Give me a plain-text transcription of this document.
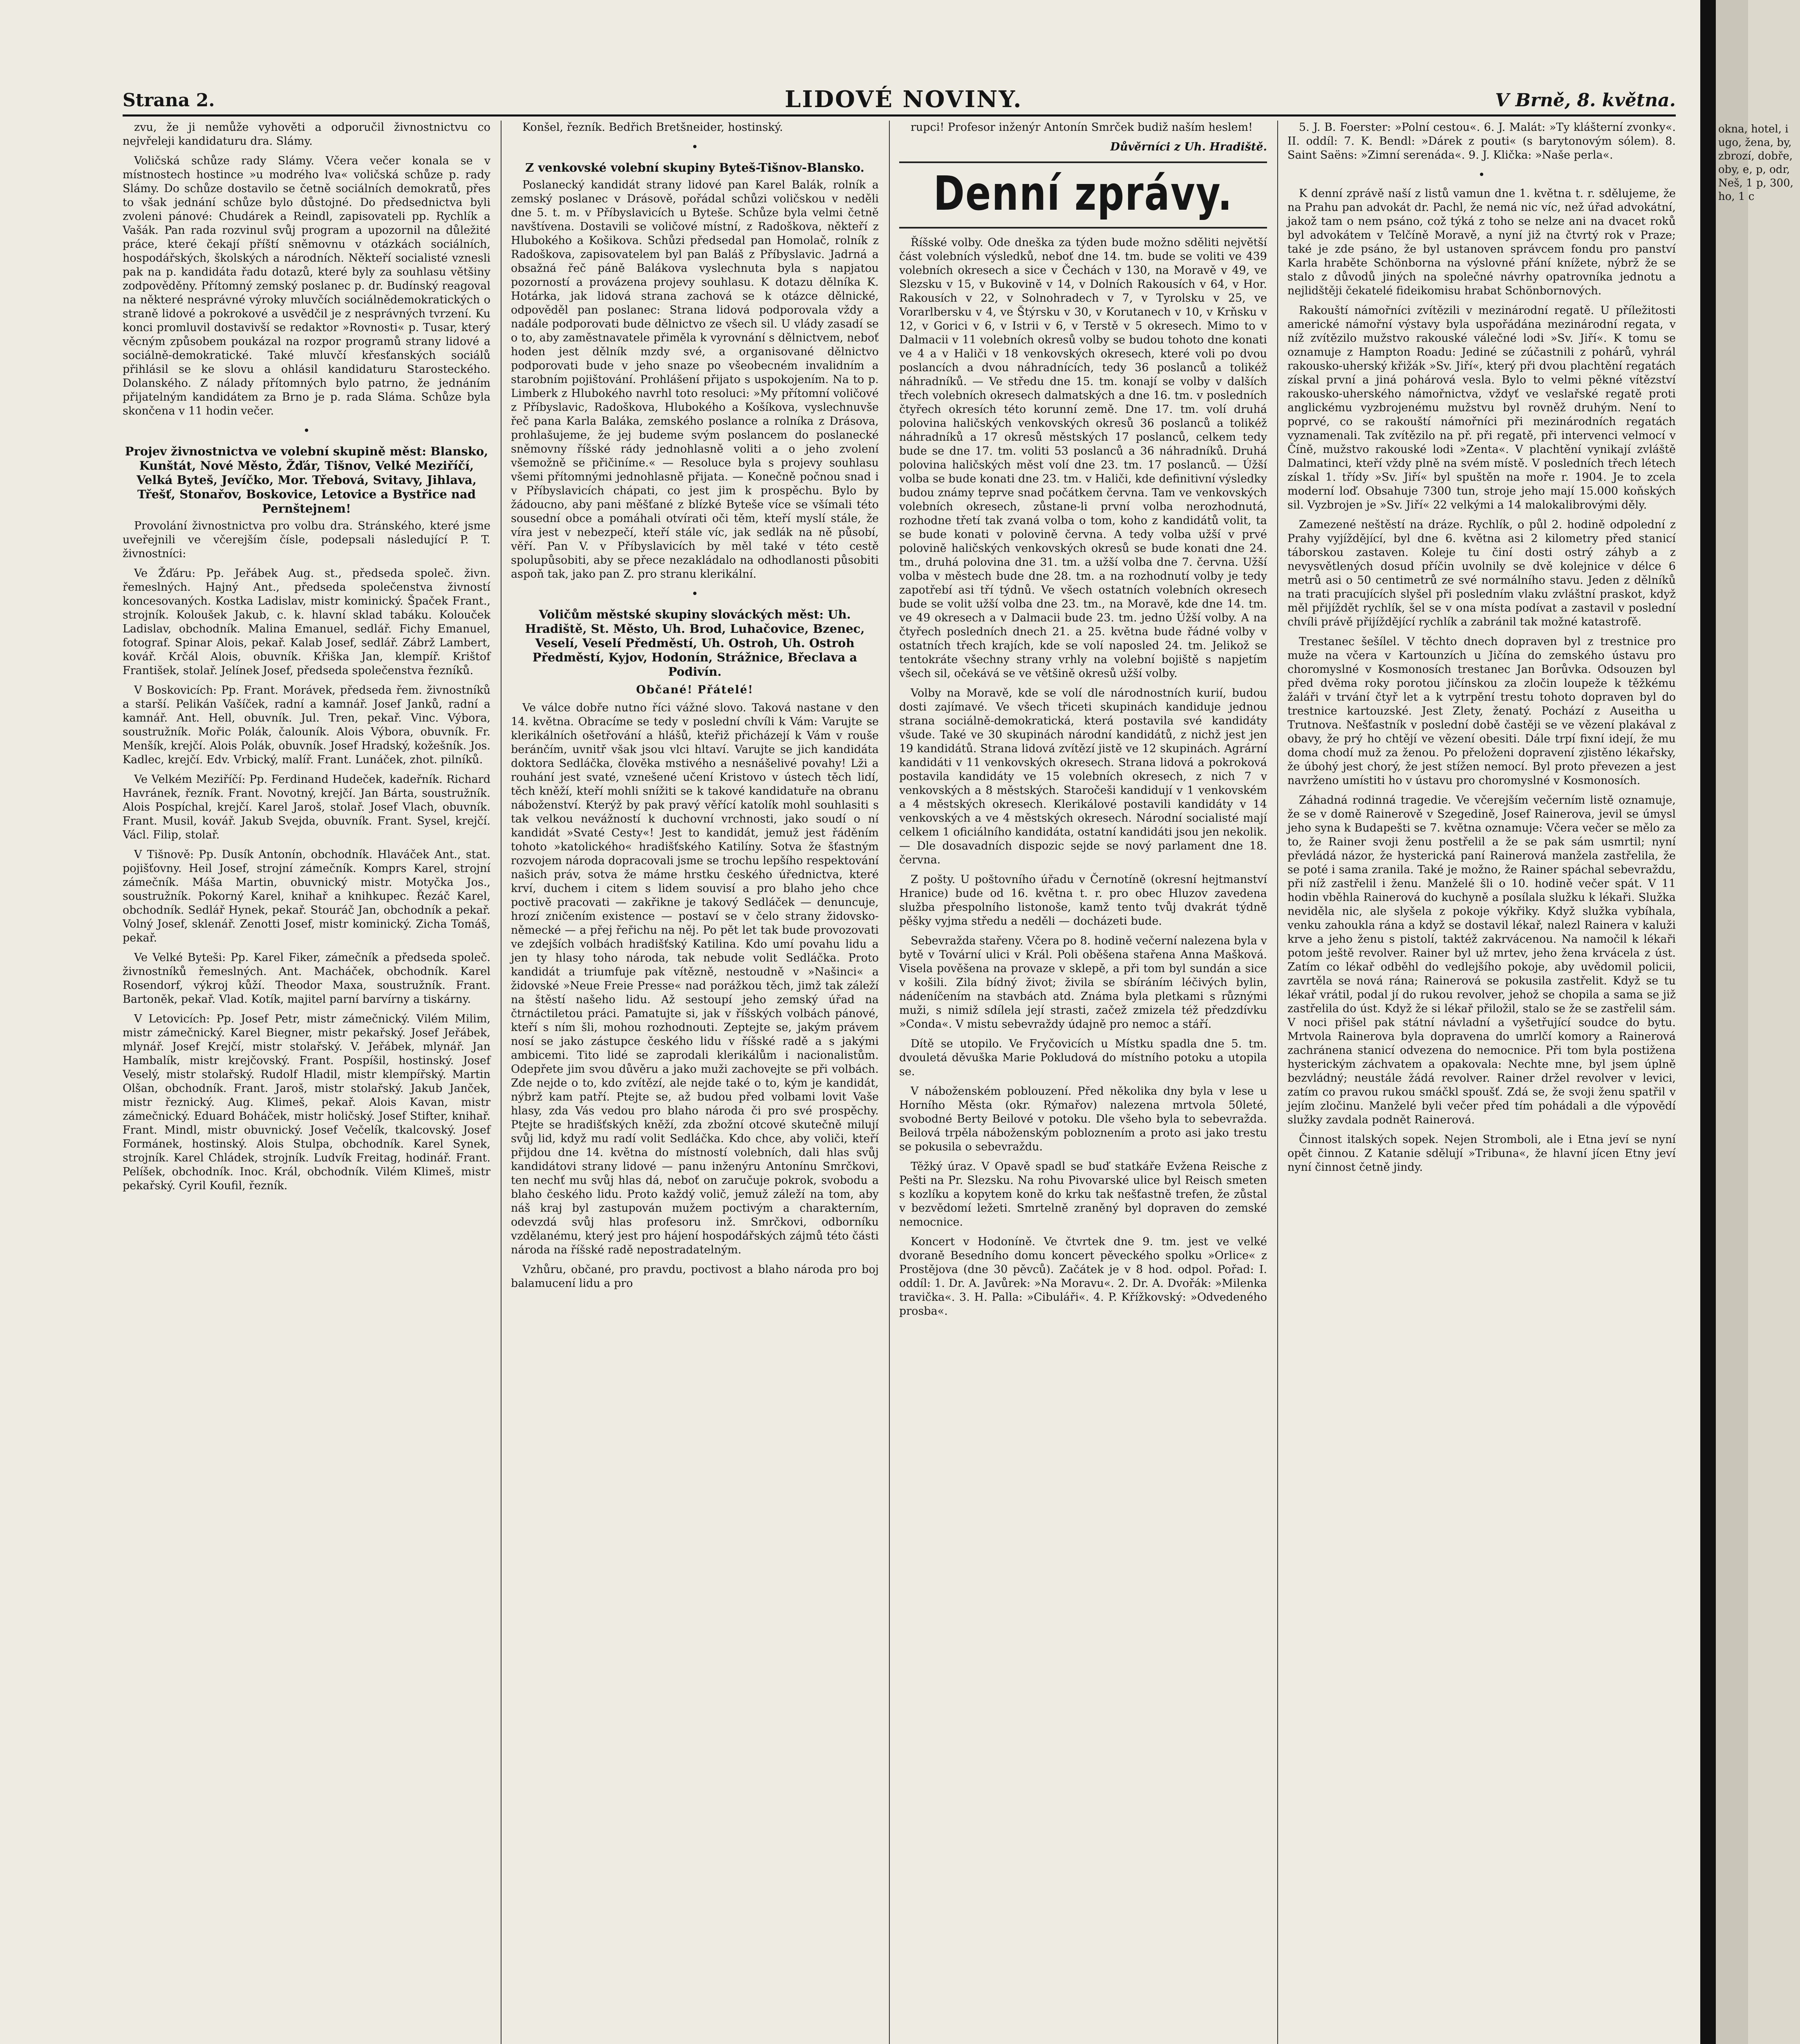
Strana 2.	LIDOVÉ NOVINY.	V Brně, 8. května.

zvu, že ji nemůže vyhověti a odporučil živnostnictvu co nejvřeleji kandidaturu dra. Slámy.

Voličská schůze rady Slámy. Včera večer konala se v místnostech hostince »u modrého lva« voličská schůze p. rady Slámy. Do schůze dostavilo se četně sociálních demokratů, přes to však jednání schůze bylo důstojné. Do předsednictva byli zvoleni pánové: Chudárek a Reindl, zapisovateli pp. Rychlík a Vašák. Pan rada rozvinul svůj program a upozornil na důležité práce, které čekají příští sněmovnu v otázkách sociálních, hospodářských, školských a národních. Někteří socialisté vznesli pak na p. kandidáta řadu dotazů, které byly za souhlasu většiny zodpověděny. Přítomný zemský poslanec p. dr. Budínský reagoval na některé nesprávné výroky mluvčích sociálnědemokratických o straně lidové a pokrokové a usvědčil je z nesprávných tvrzení. Ku konci promluvil dostavivší se redaktor »Rovnosti« p. Tusar, který věcným způsobem poukázal na rozpor programů strany lidové a sociálně-demokratické. Také mluvčí křesťanských sociálů přihlásil se ke slovu a ohlásil kandidaturu Starosteckého. Dolanského. Z nálady přítomných bylo patrno, že jednáním přijatelným kandidátem za Brno je p. rada Sláma. Schůze byla skončena v 11 hodin večer.

•
Projev živnostnictva ve volební skupině měst: Blansko, Kunštát, Nové Město, Žďár, Tišnov, Velké Meziříčí, Velká Byteš, Jevíčko, Mor. Třebová, Svitavy, Jihlava, Třešť, Stonařov, Boskovice, Letovice a Bystřice nad Pernštejnem!

Provolání živnostnictva pro volbu dra. Stránského, které jsme uveřejnili ve včerejším čísle, podepsali následující P. T. živnostníci:

Ve Žďáru: Pp. Jeřábek Aug. st., předseda společ. živn. řemeslných. Hajný Ant., předseda společenstva živností koncesovaných. Kostka Ladislav, mistr kominický. Špaček Frant., strojník. Koloušek Jakub, c. k. hlavní sklad tabáku. Kolouček Ladislav, obchodník. Malina Emanuel, sedlář. Fichy Emanuel, fotograf. Spinar Alois, pekař. Kalab Josef, sedlář. Zábrž Lambert, kovář. Krčál Alois, obuvník. Křiška Jan, klempíř. Krištof František, stolař. Jelínek Josef, předseda společenstva řezníků.

V Boskovicích: Pp. Frant. Morávek, předseda řem. živnostníků a starší. Pelikán Vašíček, radní a kamnář. Josef Janků, radní a kamnář. Ant. Hell, obuvník. Jul. Tren, pekař. Vinc. Výbora, soustružník. Mořic Polák, čalouník. Alois Výbora, obuvník. Fr. Menšík, krejčí. Alois Polák, obuvník. Josef Hradský, kožešník. Jos. Kadlec, krejčí. Edv. Vrbický, malíř. Frant. Lunáček, zhot. pilníků.

Ve Velkém Meziříčí: Pp. Ferdinand Hudeček, kadeřník. Richard Havránek, řezník. Frant. Novotný, krejčí. Jan Bárta, soustružník. Alois Pospíchal, krejčí. Karel Jaroš, stolař. Josef Vlach, obuvník. Frant. Musil, kovář. Jakub Svejda, obuvník. Frant. Sysel, krejčí. Václ. Filip, stolař.

V Tišnově: Pp. Dusík Antonín, obchodník. Hlaváček Ant., stat. pojišťovny. Heil Josef, strojní zámečník. Komprs Karel, strojní zámečník. Máša Martin, obuvnický mistr. Motyčka Jos., soustružník. Pokorný Karel, knihař a knihkupec. Řezáč Karel, obchodník. Sedlář Hynek, pekař. Stouráč Jan, obchodník a pekař. Volný Josef, sklenář. Zenotti Josef, mistr kominický. Zicha Tomáš, pekař.

Ve Velké Byteši: Pp. Karel Fiker, zámečník a předseda společ. živnostníků řemeslných. Ant. Macháček, obchodník. Karel Rosendorf, výkroj kůží. Theodor Maxa, soustružník. Frant. Bartoněk, pekař. Vlad. Kotík, majitel parní barvírny a tiskárny.

V Letovicích: Pp. Josef Petr, mistr zámečnický. Vilém Milim, mistr zámečnický. Karel Biegner, mistr pekařský. Josef Jeřábek, mlynář. Josef Krejčí, mistr stolařský. V. Jeřábek, mlynář. Jan Hambalík, mistr krejčovský. Frant. Pospíšil, hostinský. Josef Veselý, mistr stolařský. Rudolf Hladil, mistr klempířský. Martin Olšan, obchodník. Frant. Jaroš, mistr stolařský. Jakub Janček, mistr řeznický. Aug. Klimeš, pekař. Alois Kavan, mistr zámečnický. Eduard Boháček, mistr holičský. Josef Stifter, knihař. Frant. Mindl, mistr obuvnický. Josef Večelík, tkalcovský. Josef Formánek, hostinský. Alois Stulpa, obchodník. Karel Synek, strojník. Karel Chládek, strojník. Ludvík Freitag, hodinář. Frant. Pelíšek, obchodník. Inoc. Král, obchodník. Vilém Klimeš, mistr pekařský. Cyril Koufil, řezník.

Konšel, řezník. Bedřich Bretšneider, hostinský.

•
Z venkovské volební skupiny Byteš-Tišnov-Blansko.

Poslanecký kandidát strany lidové pan Karel Balák, rolník a zemský poslanec v Drásově, pořádal schůzi voličskou v neděli dne 5. t. m. v Příbyslavicích u Byteše. Schůze byla velmi četně navštívena. Dostavili se voličové místní, z Radoškova, někteří z Hlubokého a Košikova. Schůzi předsedal pan Homolač, rolník z Radoškova, zapisovatelem byl pan Baláš z Příbyslavic. Jadrná a obsažná řeč páně Balákova vyslechnuta byla s napjatou pozorností a provázena projevy souhlasu. K dotazu dělníka K. Hotárka, jak lidová strana zachová se k otázce dělnické, odpověděl pan poslanec: Strana lidová podporovala vždy a nadále podporovati bude dělnictvo ze všech sil. U vlády zasadí se o to, aby zaměstnavatele přiměla k vyrovnání s dělnictvem, neboť hoden jest dělník mzdy své, a organisované dělnictvo podporovati bude v jeho snaze po všeobecném invalidním a starobním pojištování. Prohlášení přijato s uspokojením. Na to p. Limberk z Hlubokého navrhl toto resoluci: »My přítomní voličové z Příbyslavic, Radoškova, Hlubokého a Košíkova, vyslechnuvše řeč pana Karla Baláka, zemského poslance a rolníka z Drásova, prohlašujeme, že jej budeme svým poslancem do poslanecké sněmovny říšské rády jednohlasně voliti a o jeho zvolení všemožně se přičiníme.« — Resoluce byla s projevy souhlasu všemi přítomnými jednohlasně přijata. — Konečně počnou snad i v Příbyslavicích chápati, co jest jim k prospěchu. Bylo by žádoucno, aby pani měšťané z blízké Byteše více se všímali této sousední obce a pomáhali otvírati oči těm, kteří myslí stále, že víra jest v nebezpečí, kteří stále víc, jak sedlák na ně působí, věří. Pan V. v Příbyslavicích by měl také v této cestě spolupůsobiti, aby se přece nezakládalo na odhodlanosti působiti aspoň tak, jako pan Z. pro stranu klerikální.

•
Voličům městské skupiny slováckých měst: Uh. Hradiště, St. Město, Uh. Brod, Luhačovice, Bzenec, Veselí, Veselí Předměstí, Uh. Ostroh, Uh. Ostroh Předměstí, Kyjov, Hodonín, Strážnice, Břeclava a Podivín.
Občané! Přátelé!

Ve válce dobře nutno říci vážné slovo. Taková nastane v den 14. května. Obracíme se tedy v poslední chvíli k Vám: Varujte se klerikálních ošetřování a hlášů, kteřiž přicházejí k Vám v rouše beránčím, uvnitř však jsou vlci hltaví. Varujte se jich kandidáta doktora Sedláčka, člověka mstivého a nesnášelivé povahy! Lži a rouhání jest svaté, vznešené učení Kristovo v ústech těch lidí, těch kněží, kteří mohli snížiti se k takové kandidatuře na obranu náboženství. Kterýž by pak pravý věřící katolík mohl souhlasiti s tak velkou nevážností k duchovní vrchnosti, jako soudí o ní kandidát »Svaté Cesty«! Jest to kandidát, jemuž jest řáděním tohoto »katolického« hradišťského Katilíny. Sotva že šťastným rozvojem národa dopracovali jsme se trochu lepšího respektování našich práv, sotva že máme hrstku českého úřednictva, které krví, duchem i citem s lidem souvisí a pro blaho jeho chce poctivě pracovati — zakřikne je takový Sedláček — denuncuje, hrozí zničením existence — postaví se v čelo strany židovsko-německé — a přej řeřichu na něj. Po pět let tak bude provozovati ve zdejších volbách hradišťský Katilina. Kdo umí povahu lidu a jen ty hlasy toho národa, tak nebude volit Sedláčka. Proto kandidát a triumfuje pak vítězně, nestoudně v »Našinci« a židovské »Neue Freie Presse« nad porážkou těch, jimž tak záleží na štěstí našeho lidu. Až sestoupí jeho zemský úřad na čtrnáctiletou práci. Pamatujte si, jak v říšských volbách pánové, kteří s ním šli, mohou rozhodnouti. Zeptejte se, jakým právem nosí se jako zástupce českého lidu v říšské radě a s jakými ambicemi. Tito lidé se zaprodali klerikálům i nacionalistům. Odepřete jim svou důvěru a jako muži zachovejte se při volbách. Zde nejde o to, kdo zvítězí, ale nejde také o to, kým je kandidát, nýbrž kam patří. Ptejte se, až budou před volbami lovit Vaše hlasy, zda Vás vedou pro blaho národa či pro své prospěchy. Ptejte se hradišťských kněží, zda zbožní otcové skutečně milují svůj lid, když mu radí volit Sedláčka. Kdo chce, aby voliči, kteří přijdou dne 14. května do místností volebních, dali hlas svůj kandidátovi strany lidové — panu inženýru Antonínu Smrčkovi, ten nechť mu svůj hlas dá, neboť on zaručuje pokrok, svobodu a blaho českého lidu. Proto každý volič, jemuž záleží na tom, aby náš kraj byl zastupován mužem poctivým a charakterním, odevzdá svůj hlas profesoru inž. Smrčkovi, odborníku vzdělanému, který jest pro hájení hospodářských zájmů této části národa na říšské radě nepostradatelným.

Vzhůru, občané, pro pravdu, poctivost a blaho národa pro boj balamucení lidu a pro

rupci! Profesor inženýr Antonín Smrček budiž naším heslem!

Důvěrníci z Uh. Hradiště.
Denní zprávy.

Říšské volby. Ode dneška za týden bude možno sděliti největší část volebních výsledků, neboť dne 14. tm. bude se voliti ve 439 volebních okresech a sice v Čechách v 130, na Moravě v 49, ve Slezsku v 15, v Bukovině v 14, v Dolních Rakousích v 64, v Hor. Rakousích v 22, v Solnohradech v 7, v Tyrolsku v 25, ve Vorarlbersku v 4, ve Štýrsku v 30, v Korutanech v 10, v Krňsku v 12, v Gorici v 6, v Istrii v 6, v Terstě v 5 okresech. Mimo to v Dalmacii v 11 volebních okresů volby se budou tohoto dne konati ve 4 a v Haliči v 18 venkovských okresech, které voli po dvou poslancích a dvou náhradnících, tedy 36 poslanců a tolikéž náhradníků. — Ve středu dne 15. tm. konají se volby v dalších třech volebních okresech dalmatských a dne 16. tm. v posledních čtyřech okresích této korunní země. Dne 17. tm. volí druhá polovina haličských venkovských okresů 36 poslanců a tolikéž náhradníků a 17 okresů městských 17 poslanců, celkem tedy bude se dne 17. tm. voliti 53 poslanců a 36 náhradníků. Druhá polovina haličských měst volí dne 23. tm. 17 poslanců. — Úžší volba se bude konati dne 23. tm. v Haliči, kde definitivní výsledky budou známy teprve snad počátkem června. Tam ve venkovských volebních okresech, zůstane-li první volba nerozhodnutá, rozhodne třetí tak zvaná volba o tom, koho z kandidátů volit, ta se bude konati v polovině června. A tedy volba užší v prvé polovině haličských venkovských okresů se bude konati dne 24. tm., druhá polovina dne 31. tm. a užší volba dne 7. června. Užší volba v městech bude dne 28. tm. a na rozhodnutí volby je tedy zapotřebí asi tří týdnů. Ve všech ostatních volebních okresech bude se volit užší volba dne 23. tm., na Moravě, kde dne 14. tm. ve 49 okresech a v Dalmacii bude 23. tm. jedno Úžší volby. A na čtyřech posledních dnech 21. a 25. května bude řádné volby v ostatních třech krajích, kde se volí naposled 24. tm. Jelikož se tentokráte všechny strany vrhly na volební bojiště s napjetím všech sil, očekává se ve většině okresů užší volby.

Volby na Moravě, kde se volí dle národnostních kurií, budou dosti zajímavé. Ve všech třiceti skupinách kandiduje jednou strana sociálně-demokratická, která postavila své kandidáty všude. Také ve 30 skupinách národní kandidátů, z nichž jest jen 19 kandidátů. Strana lidová zvítězí jistě ve 12 skupinách. Agrární kandidáti v 11 venkovských okresech. Strana lidová a pokroková postavila kandidáty ve 15 volebních okresech, z nich 7 v venkovských a 8 městských. Staročeši kandidují v 1 venkovském a 4 městských okresech. Klerikálové postavili kandidáty v 14 venkovských a ve 4 městských okresech. Národní socialisté mají celkem 1 oficiálního kandidáta, ostatní kandidáti jsou jen nekolik. — Dle dosavadních dispozic sejde se nový parlament dne 18. června.

Z pošty. U poštovního úřadu v Černotíně (okresní hejtmanství Hranice) bude od 16. května t. r. pro obec Hluzov zavedena služba přespolního listonoše, kamž tento tvůj dvakrát týdně pěšky vyjma středu a neděli — docházeti bude.

Sebevražda stařeny. Včera po 8. hodině večerní nalezena byla v bytě v Tovární ulici v Král. Poli oběšena stařena Anna Mašková. Visela pověšena na provaze v sklepě, a při tom byl sundán a sice v košili. Zila bídný život; živila se sbíráním léčivých bylin, nádeníčením na stavbách atd. Známa byla pletkami s různými muži, s nimiž sdílela její strasti, začež zmizela též předzdívku »Conda«. V mistu sebevraždy údajně pro nemoc a stáří.

Dítě se utopilo. Ve Fryčovicích u Místku spadla dne 5. tm. dvouletá děvuška Marie Pokludová do místního potoku a utopila se.

V náboženském poblouzení. Před několika dny byla v lese u Horního Města (okr. Rýmařov) nalezena mrtvola 50leté, svobodné Berty Beilové v potoku. Dle všeho byla to sebevražda. Beilová trpěla náboženským pobloznením a proto asi jako trestu se pokusila o sebevraždu.

Těžký úraz. V Opavě spadl se buď statkáře Evžena Reische z Pešti na Pr. Slezsku. Na rohu Pivovarské ulice byl Reisch smeten s kozlíku a kopytem koně do krku tak nešťastně trefen, že zůstal v bezvědomí ležeti. Smrtelně zraněný byl dopraven do zemské nemocnice.

Koncert v Hodoníně. Ve čtvrtek dne 9. tm. jest ve velké dvoraně Besedního domu koncert pěveckého spolku »Orlice« z Prostějova (dne 30 pěvců). Začátek je v 8 hod. odpol. Pořad: I. oddíl: 1. Dr. A. Javůrek: »Na Moravu«. 2. Dr. A. Dvořák: »Milenka travička«. 3. H. Palla: »Cibuláři«. 4. P. Křížkovský: »Odvedeného prosba«.

5. J. B. Foerster: »Polní cestou«. 6. J. Malát: »Ty klášterní zvonky«. II. oddíl: 7. K. Bendl: »Dárek z pouti« (s barytonovým sólem). 8. Saint Saëns: »Zimní serenáda«. 9. J. Klička: »Naše perla«.

•

K denní zprávě naší z listů vamun dne 1. května t. r. sdělujeme, že na Prahu pan advokát dr. Pachl, že nemá nic víc, než úřad advokátní, jakož tam o nem psáno, což týká z toho se nelze ani na dvacet roků byl advokátem v Telčíně Moravě, a nyní již na čtvrtý rok v Praze; také je zde psáno, že byl ustanoven správcem fondu pro panství Karla hraběte Schönborna na výslovné přání knížete, nýbrž že se stalo z důvodů jiných na společné návrhy opatrovníka jednotu a nejlidštěji čekatelé fideikomisu hrabat Schönbornových.

Rakouští námořníci zvítězili v mezinárodní regatě. U příležitosti americké námořní výstavy byla uspořádána mezinárodní regata, v níž zvítězilo mužstvo rakouské válečné lodi »Sv. Jiří«. K tomu se oznamuje z Hampton Roadu: Jediné se zúčastnili z pohárů, vyhrál rakousko-uherský křižák »Sv. Jiří«, který při dvou plachtění regatách získal první a jiná pohárová vesla. Bylo to velmi pěkné vítězství rakousko-uherského námořnictva, vždyť ve veslařské regatě proti anglickému vyzbrojenému mužstvu byl rovněž druhým. Není to poprvé, co se rakouští námořníci při mezinárodních regatách vyznamenali. Tak zvítězilo na př. při regatě, při intervenci velmocí v Číně, mužstvo rakouské lodi »Zenta«. V plachtění vynikají zvláště Dalmatinci, kteří vždy plně na svém místě. V posledních třech létech získal 1. třídy »Sv. Jiří« byl spuštěn na moře r. 1904. Je to zcela moderní loď. Obsahuje 7300 tun, stroje jeho mají 15.000 koňských sil. Vyzbrojen je »Sv. Jiří« 22 velkými a 14 malokalibrovými děly.

Zamezené neštěstí na dráze. Rychlík, o půl 2. hodině odpolední z Prahy vyjíždějící, byl dne 6. května asi 2 kilometry před stanicí táborskou zastaven. Koleje tu činí dosti ostrý záhyb a z nevysvětlených dosud příčin uvolnily se dvě kolejnice v délce 6 metrů asi o 50 centimetrů ze své normálního stavu. Jeden z dělníků na trati pracujících slyšel při posledním vlaku zvláštní praskot, když měl přijíždět rychlík, šel se v ona místa podívat a zastavil v poslední chvíli právě přijíždějící rychlík a zabránil tak možné katastrofě.

Trestanec šešílel. V těchto dnech dopraven byl z trestnice pro muže na včera v Kartounzích u Jičína do zemského ústavu pro choromyslné v Kosmonosích trestanec Jan Borůvka. Odsouzen byl před dvěma roky porotou jičínskou za zločin loupeže k těžkému žaláři v trvání čtyř let a k vytrpění trestu tohoto dopraven byl do trestnice kartouzské. Jest Zlety, ženatý. Pochází z Auseitha u Trutnova. Nešťastník v poslední době častěji se ve vězení plakával z obavy, že prý ho chtějí ve vězení obesiti. Dále trpí fixní idejí, že mu doma chodí muž za ženou. Po přeloženi dopravení zjistěno lékařsky, že úbohý jest chorý, že jest stížen nemocí. Byl proto převezen a jest navrženo umístiti ho v ústavu pro choromyslné v Kosmonosích.

Záhadná rodinná tragedie. Ve včerejším večerním listě oznamuje, že se v domě Rainerově v Szegedině, Josef Rainerova, jevil se úmysl jeho syna k Budapešti se 7. května oznamuje: Včera večer se mělo za to, že Rainer svoji ženu postřelil a že se pak sám usmrtil; nyní převládá názor, že hysterická paní Rainerová manžela zastřelila, že se poté i sama zranila. Také je možno, že Rainer spáchal sebevraždu, při níž zastřelil i ženu. Manželé šli o 10. hodině večer spát. V 11 hodin vběhla Rainerová do kuchyně a posílala služku k lékaři. Služka neviděla nic, ale slyšela z pokoje výkřiky. Když služka vybíhala, venku zahoukla rána a když se dostavil lékař, nalezl Rainera v kaluži krve a jeho ženu s pistolí, taktéž zakrvácenou. Na namočil k lékaři potom ještě revolver. Rainer byl už mrtev, jeho žena krvácela z úst. Zatím co lékař odběhl do vedlejšího pokoje, aby uvědomil policii, zavrtěla se nová rána; Rainerová se pokusila zastřelit. Když se tu lékař vrátil, podal jí do rukou revolver, jehož se chopila a sama se již zastřelila do úst. Když že si lékař přiložil, stalo se že se zastřelil sám. V noci přišel pak státní návladní a vyšetřující soudce do bytu. Mrtvola Rainerova byla dopravena do umrlčí komory a Rainerová zachránena stanicí odvezena do nemocnice. Při tom byla postižena hysterickým záchvatem a opakovala: Nechte mne, byl jsem úplně bezvládný; neustále žádá revolver. Rainer držel revolver v levici, zatím co pravou rukou smáčkl spoušť. Zdá se, že svoji ženu spatřil v jejím zločinu. Manželé byli večer před tím pohádali a dle výpovědí služky zavdala podnět Rainerová.

Činnost italských sopek. Nejen Stromboli, ale i Etna jeví se nyní opět činnou. Z Katanie sdělují »Tribuna«, že hlavní jícen Etny jeví nyní činnost četně jindy.

okna, hotel, i ugo, žena, by, zbrozí, dobře, oby, e, p, odr, Neš, 1 p, 300, ho, 1 c
